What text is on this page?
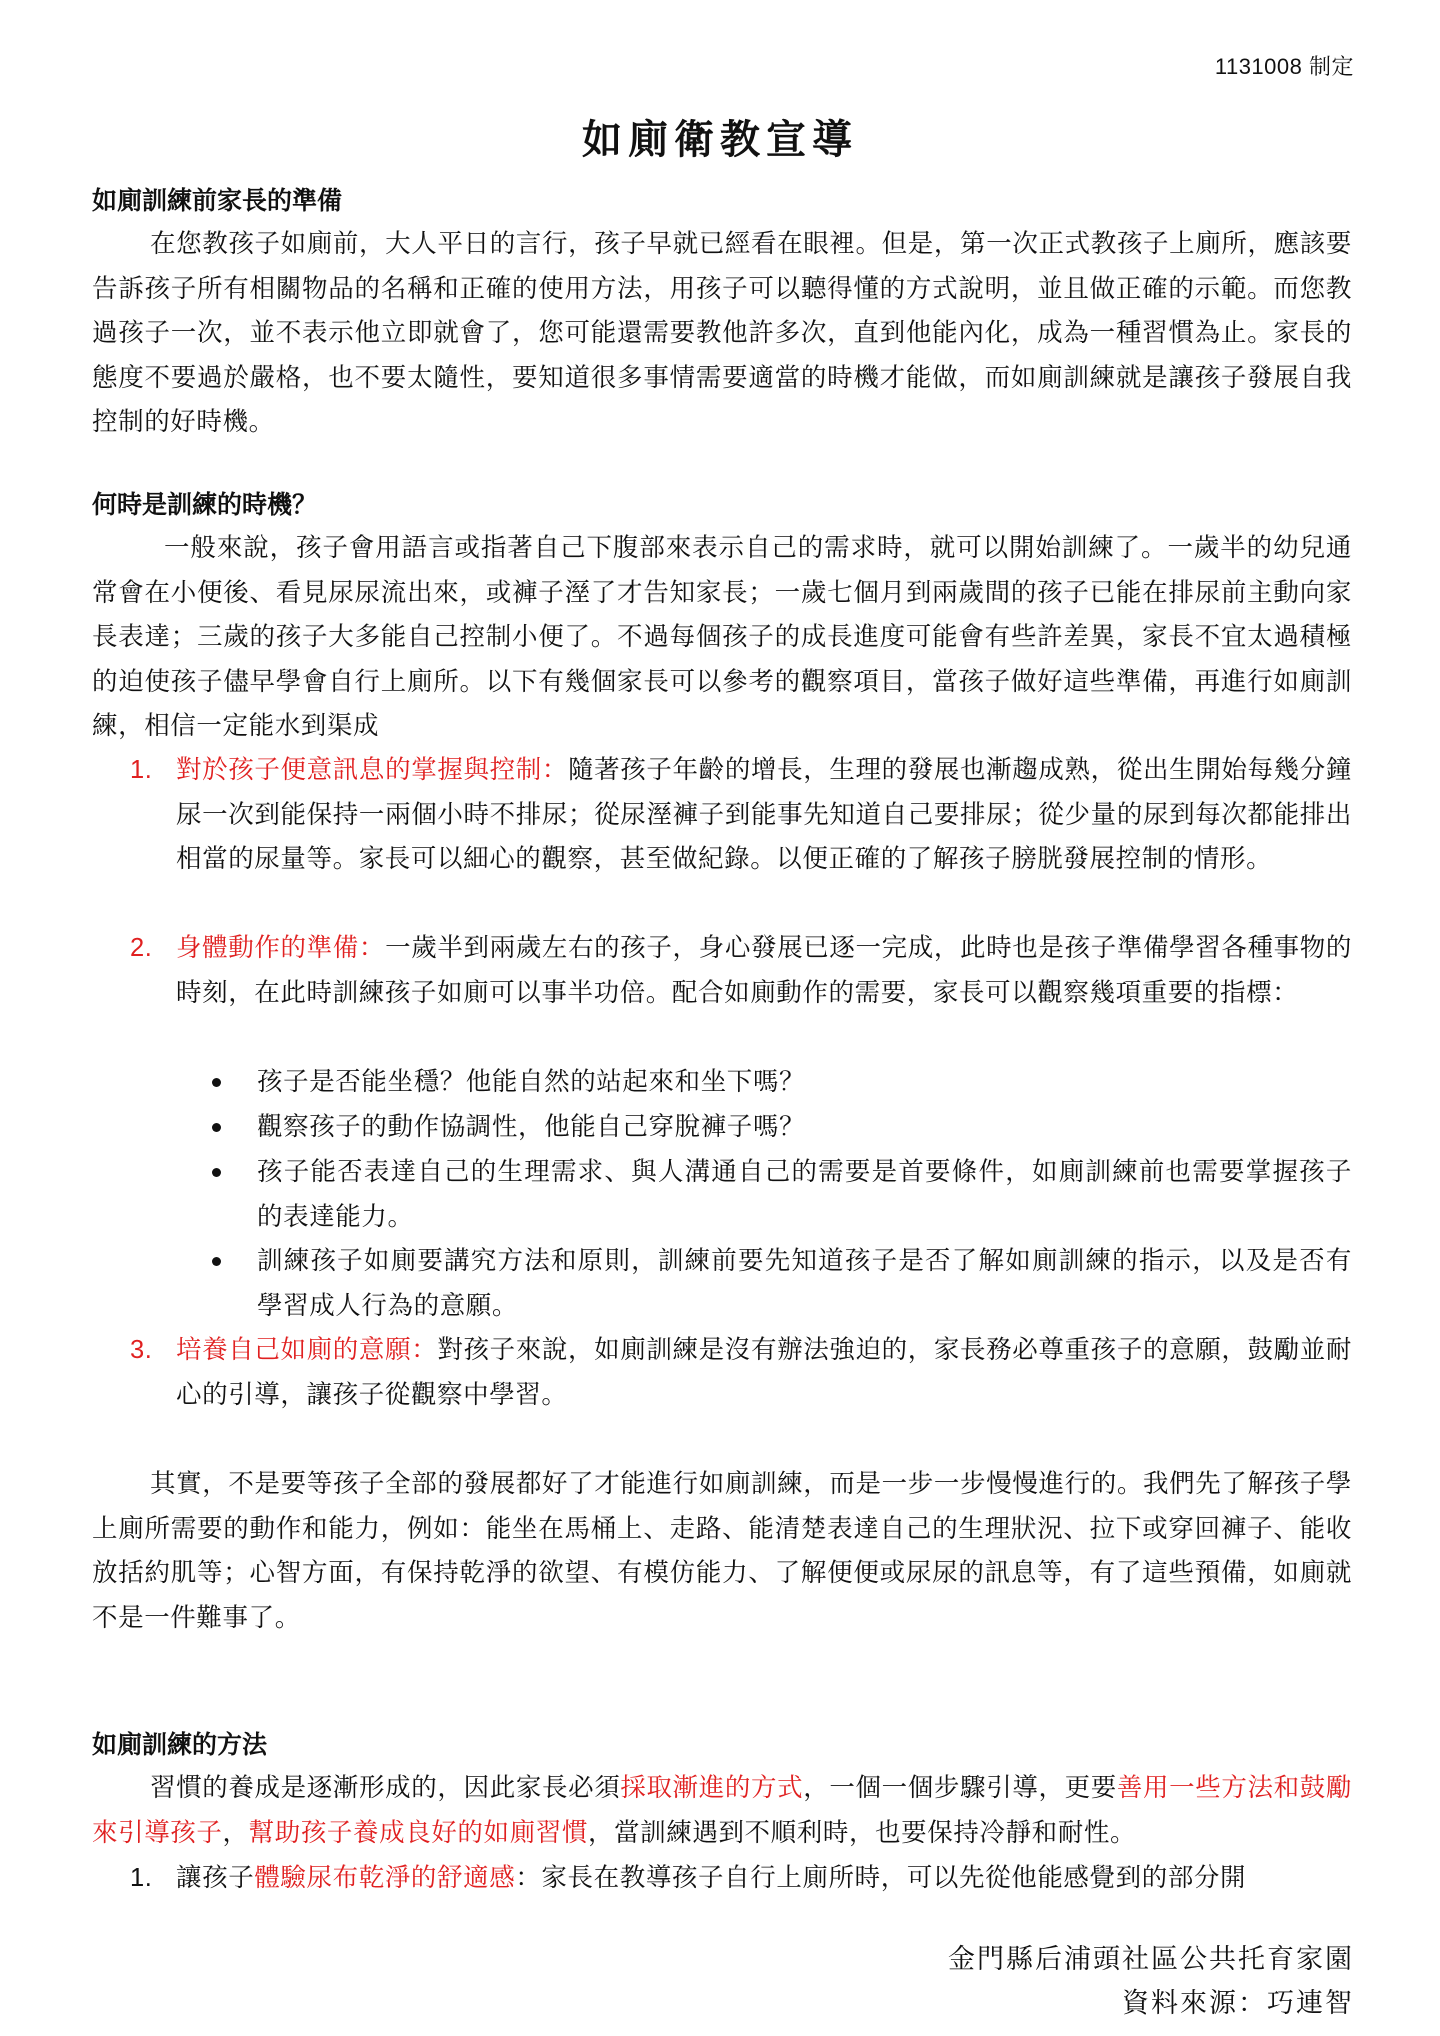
1131008 制定
如廁衛教宣導
如廁訓練前家長的準備
在您教孩子如廁前，大人平日的言行，孩子早就已經看在眼裡。但是，第一次正式教孩子上廁所，應該要告訴孩子所有相關物品的名稱和正確的使用方法，用孩子可以聽得懂的方式說明，並且做正確的示範。而您教過孩子一次，並不表示他立即就會了，您可能還需要教他許多次，直到他能內化，成為一種習慣為止。家長的態度不要過於嚴格，也不要太隨性，要知道很多事情需要適當的時機才能做，而如廁訓練就是讓孩子發展自我控制的好時機。
何時是訓練的時機？
一般來說，孩子會用語言或指著自己下腹部來表示自己的需求時，就可以開始訓練了。一歲半的幼兒通常會在小便後、看見尿尿流出來，或褲子溼了才告知家長；一歲七個月到兩歲間的孩子已能在排尿前主動向家長表達；三歲的孩子大多能自己控制小便了。不過每個孩子的成長進度可能會有些許差異，家長不宜太過積極的迫使孩子儘早學會自行上廁所。以下有幾個家長可以參考的觀察項目，當孩子做好這些準備，再進行如廁訓練，相信一定能水到渠成
1. 對於孩子便意訊息的掌握與控制：隨著孩子年齡的增長，生理的發展也漸趨成熟，從出生開始每幾分鐘尿一次到能保持一兩個小時不排尿；從尿溼褲子到能事先知道自己要排尿；從少量的尿到每次都能排出相當的尿量等。家長可以細心的觀察，甚至做紀錄。以便正確的了解孩子膀胱發展控制的情形。
2. 身體動作的準備：一歲半到兩歲左右的孩子，身心發展已逐一完成，此時也是孩子準備學習各種事物的時刻，在此時訓練孩子如廁可以事半功倍。配合如廁動作的需要，家長可以觀察幾項重要的指標：
孩子是否能坐穩？他能自然的站起來和坐下嗎？
觀察孩子的動作協調性，他能自己穿脫褲子嗎？
孩子能否表達自己的生理需求、與人溝通自己的需要是首要條件，如廁訓練前也需要掌握孩子的表達能力。
訓練孩子如廁要講究方法和原則，訓練前要先知道孩子是否了解如廁訓練的指示，以及是否有學習成人行為的意願。
3. 培養自己如廁的意願：對孩子來說，如廁訓練是沒有辦法強迫的，家長務必尊重孩子的意願，鼓勵並耐心的引導，讓孩子從觀察中學習。
其實，不是要等孩子全部的發展都好了才能進行如廁訓練，而是一步一步慢慢進行的。我們先了解孩子學上廁所需要的動作和能力，例如：能坐在馬桶上、走路、能清楚表達自己的生理狀況、拉下或穿回褲子、能收放括約肌等；心智方面，有保持乾淨的欲望、有模仿能力、了解便便或尿尿的訊息等，有了這些預備，如廁就不是一件難事了。
如廁訓練的方法
習慣的養成是逐漸形成的，因此家長必須採取漸進的方式，一個一個步驟引導，更要善用一些方法和鼓勵來引導孩子，幫助孩子養成良好的如廁習慣，當訓練遇到不順利時，也要保持冷靜和耐性。
1. 讓孩子體驗尿布乾淨的舒適感：家長在教導孩子自行上廁所時，可以先從他能感覺到的部分開
金門縣后浦頭社區公共托育家園
資料來源：巧連智
